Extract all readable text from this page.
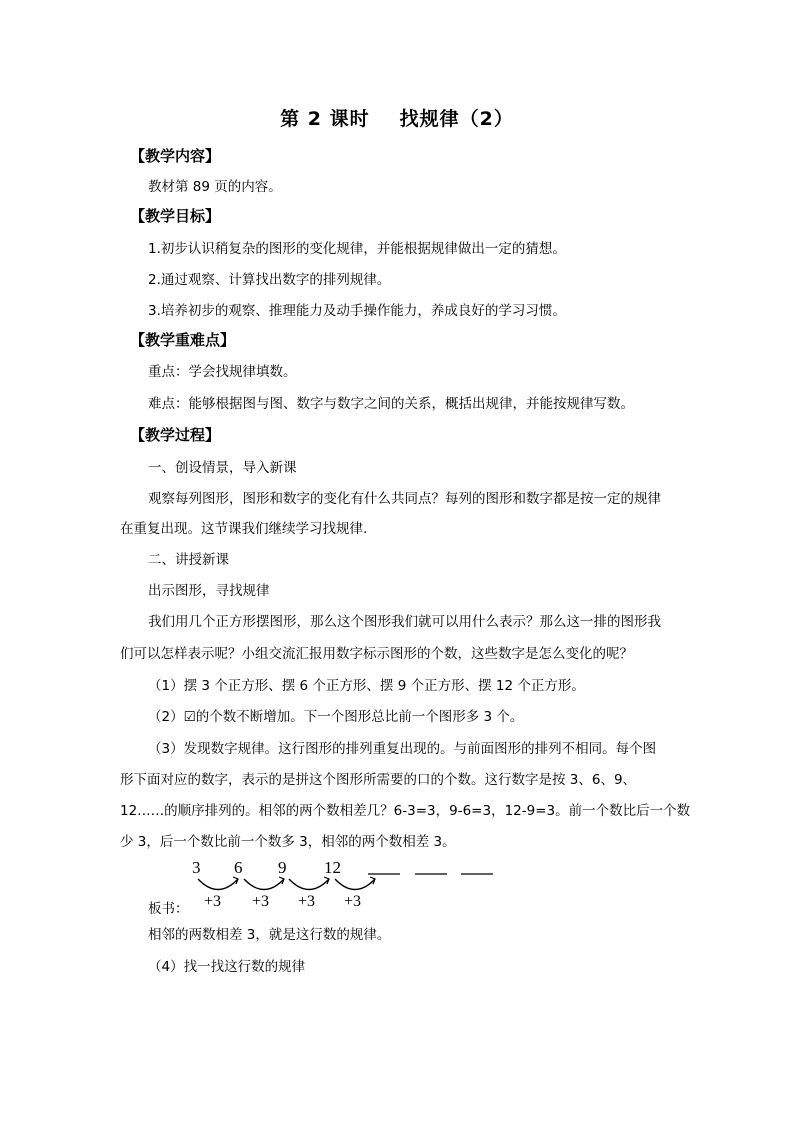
第 2 课时 找规律（2）
【教学内容】
教材第 89 页的内容。
【教学目标】
1.初步认识稍复杂的图形的变化规律，并能根据规律做出一定的猜想。
2.通过观察、计算找出数字的排列规律。
3.培养初步的观察、推理能力及动手操作能力，养成良好的学习习惯。
【教学重难点】
重点：学会找规律填数。
难点：能够根据图与图、数字与数字之间的关系，概括出规律，并能按规律写数。
【教学过程】
一、创设情景，导入新课
观察每列图形，图形和数字的变化有什么共同点？每列的图形和数字都是按一定的规律
在重复出现。这节课我们继续学习找规律.
二、讲授新课
出示图形，寻找规律
我们用几个正方形摆图形，那么这个图形我们就可以用什么表示？那么这一排的图形我
们可以怎样表示呢？小组交流汇报用数字标示图形的个数，这些数字是怎么变化的呢？
（1）摆 3 个正方形、摆 6 个正方形、摆 9 个正方形、摆 12 个正方形。
（2）☑的个数不断增加。下一个图形总比前一个图形多 3 个。
（3）发现数字规律。这行图形的排列重复出现的。与前面图形的排列不相同。每个图
形下面对应的数字，表示的是拼这个图形所需要的口的个数。这行数字是按 3、6、9、
12……的顺序排列的。相邻的两个数相差几？6-3=3，9-6=3，12-9=3。前一个数比后一个数
少 3，后一个数比前一个数多 3，相邻的两个数相差 3。
3 6 9 12
+3 +3 +3 +3
板书：
相邻的两数相差 3，就是这行数的规律。
（4）找一找这行数的规律
